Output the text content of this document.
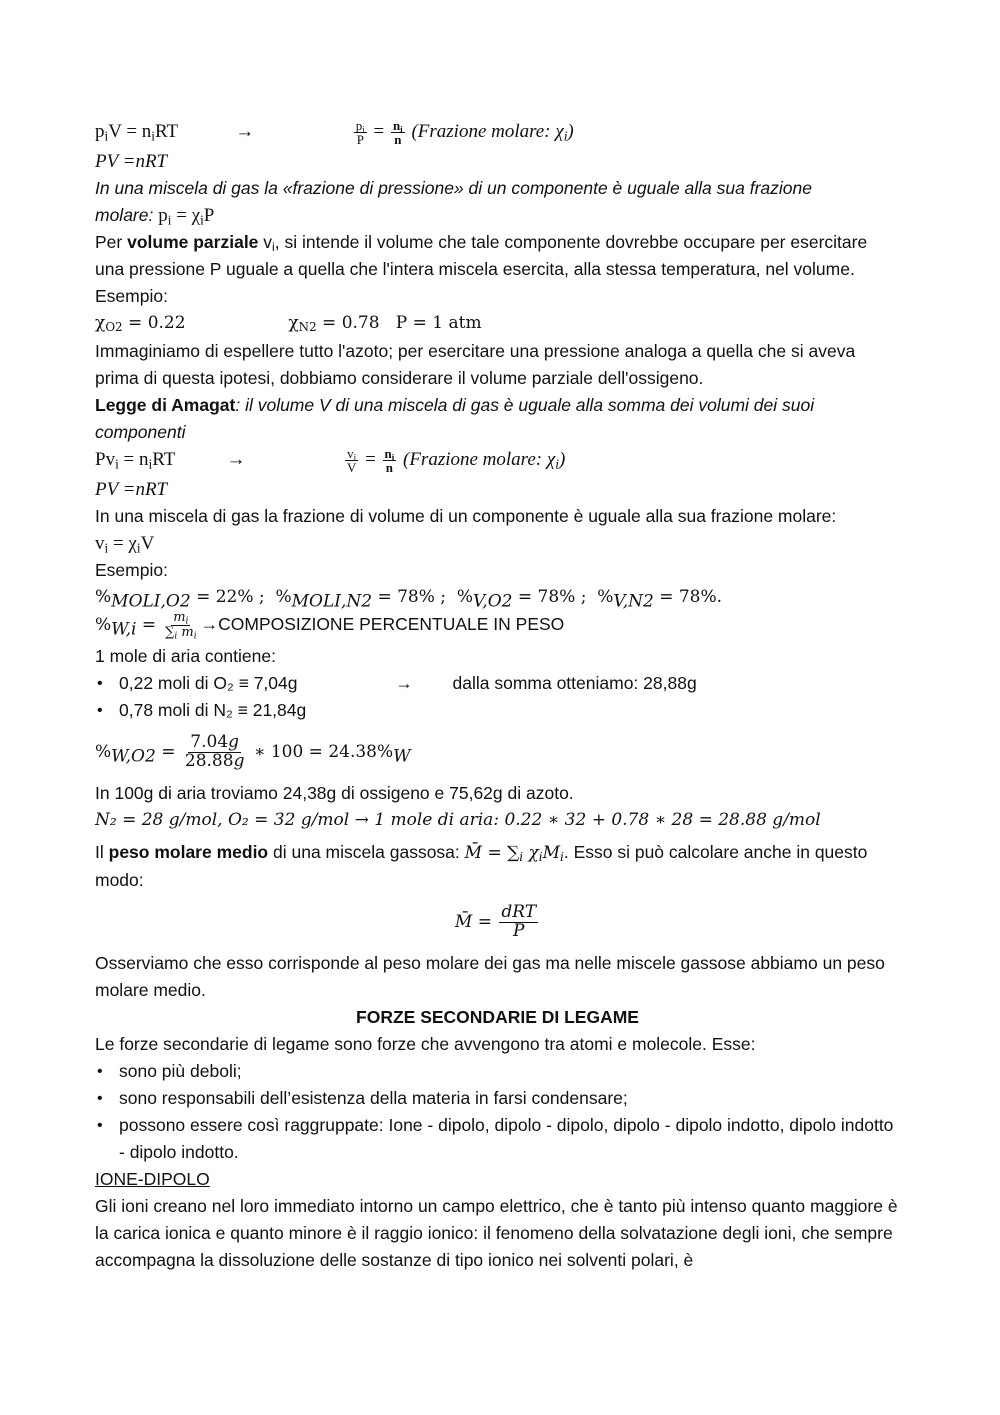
$p_iV = n_iRT$	→	$\frac{p_i}{P} = \frac{n_i}{n}$ (Frazione molare: $\chi_i$)
PV =nRT
In una miscela di gas la «frazione di pressione» di un componente è uguale alla sua frazione
molare: $p_i = \chi_iP$
Per volume parziale $v_i$, si intende il volume che tale componente dovrebbe occupare per esercitare una pressione P uguale a quella che l'intera miscela esercita, alla stessa temperatura, nel volume.
Esempio:
$\chi_{O2} = 0.22$	$\chi_{N2} = 0.78$   P = 1 atm
Immaginiamo di espellere tutto l'azoto; per esercitare una pressione analoga a quella che si aveva prima di questa ipotesi, dobbiamo considerare il volume parziale dell'ossigeno.
Legge di Amagat: il volume V di una miscela di gas è uguale alla somma dei volumi dei suoi componenti
$Pv_i = n_iRT$	→	$\frac{v_i}{V} = \frac{n_i}{n}$ (Frazione molare: $\chi_i$)
PV =nRT
In una miscela di gas la frazione di volume di un componente è uguale alla sua frazione molare:
$v_i = \chi_iV$
Esempio:
$\%_{MOLI,O2} = 22\%$ ;  $\%_{MOLI,N2} = 78\%$ ;  $\%_{V,O2} = 78\%$ ;  $\%_{V,N2} = 78\%$.
$\%_{W,i} = \frac{m_i}{\sum_i m_i}$ →COMPOSIZIONE PERCENTUALE IN PESO
1 mole di aria contiene:
• 0,22 moli di O₂ ≡ 7,04g	→ dalla somma otteniamo: 28,88g
• 0,78 moli di N₂ ≡ 21,84g
$\%_{W,O2} = \frac{7.04g}{28.88g}$ ∗ $100 = 24.38\%_W$
In 100g di aria troviamo 24,38g di ossigeno e 75,62g di azoto.
N₂ = 28 g/mol, O₂ = 32 g/mol → 1 mole di aria: 0.22 ∗ 32 + 0.78 ∗ 28 = 28.88 g/mol
Il peso molare medio di una miscela gassosa: M̄ = $\sum_i$ $\chi_iM_i$. Esso si può calcolare anche in questo modo:
M̄ =
$\frac{\text{dRT}}{P}$
Osserviamo che esso corrisponde al peso molare dei gas ma nelle miscele gassose abbiamo un peso molare medio.
FORZE SECONDARIE DI LEGAME
Le forze secondarie di legame sono forze che avvengono tra atomi e molecole. Esse:
• sono più deboli;
• sono responsabili dell’esistenza della materia in farsi condensare;
• possono essere così raggruppate: Ione - dipolo, dipolo - dipolo, dipolo - dipolo indotto, dipolo indotto - dipolo indotto.
IONE-DIPOLO
Gli ioni creano nel loro immediato intorno un campo elettrico, che è tanto più intenso quanto maggiore è la carica ionica e quanto minore è il raggio ionico: il fenomeno della solvatazione degli ioni, che sempre accompagna la dissoluzione delle sostanze di tipo ionico nei solventi polari, è
